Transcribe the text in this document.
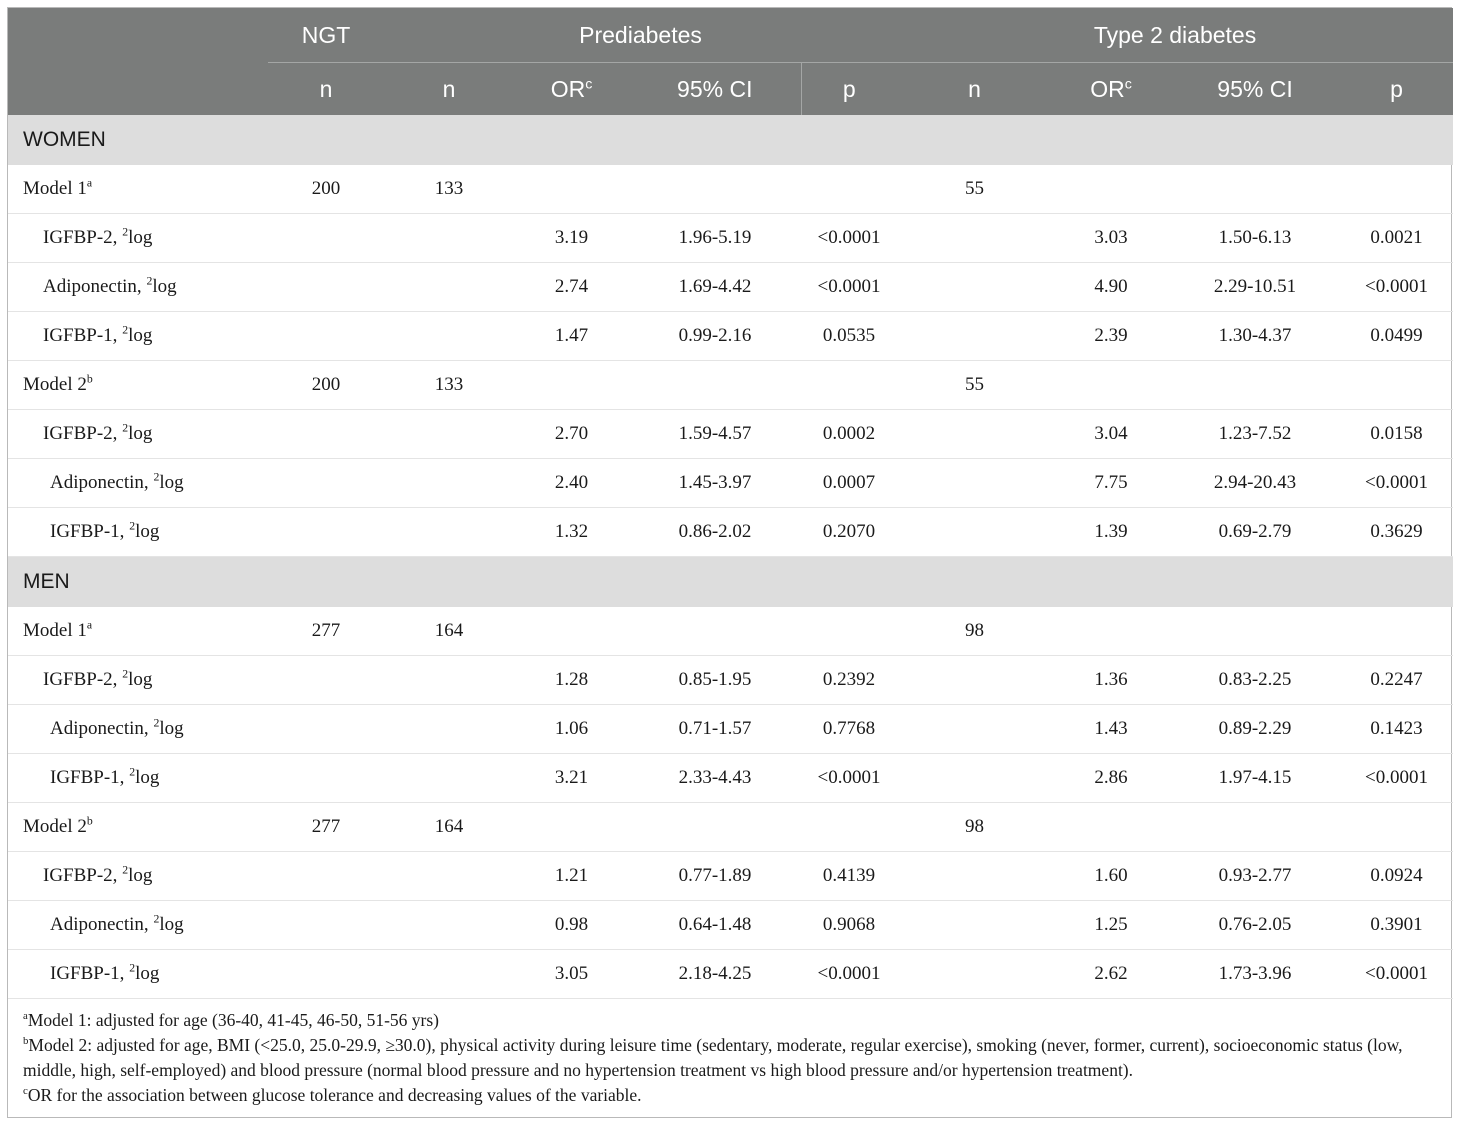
	NGT	Prediabetes				Type 2 diabetes			

	n	n	$OR^c$	95% CI	p	n	$OR^c$	95% CI	p
WOMEN									
Model 1$^a$	200	133				55			
IGFBP-2, $^2$log			3.19	1.96-5.19	<0.0001		3.03	1.50-6.13	0.0021
Adiponectin, $^2$log			2.74	1.69-4.42	<0.0001		4.90	2.29-10.51	<0.0001
IGFBP-1, $^2$log			1.47	0.99-2.16	0.0535		2.39	1.30-4.37	0.0499
Model 2$^b$	200	133				55			
IGFBP-2, $^2$log			2.70	1.59-4.57	0.0002		3.04	1.23-7.52	0.0158
Adiponectin, $^2$log			2.40	1.45-3.97	0.0007		7.75	2.94-20.43	<0.0001
IGFBP-1, $^2$log			1.32	0.86-2.02	0.2070		1.39	0.69-2.79	0.3629
MEN									
Model 1$^a$	277	164				98			
IGFBP-2, $^2$log			1.28	0.85-1.95	0.2392		1.36	0.83-2.25	0.2247
Adiponectin, $^2$log			1.06	0.71-1.57	0.7768		1.43	0.89-2.29	0.1423
IGFBP-1, $^2$log			3.21	2.33-4.43	<0.0001		2.86	1.97-4.15	<0.0001
Model 2$^b$	277	164				98			
IGFBP-2, $^2$log			1.21	0.77-1.89	0.4139		1.60	0.93-2.77	0.0924
Adiponectin, $^2$log			0.98	0.64-1.48	0.9068		1.25	0.76-2.05	0.3901
IGFBP-1, $^2$log			3.05	2.18-4.25	<0.0001		2.62	1.73-3.96	<0.0001

$^a$Model 1: adjusted for age (36-40, 41-45, 46-50, 51-56 yrs)

$^b$Model 2: adjusted for age, BMI (<25.0, 25.0-29.9, ≥30.0), physical activity during leisure time (sedentary, moderate, regular exercise), smoking (never, former, current), socioeconomic status (low, middle, high, self-employed) and blood pressure (normal blood pressure and no hypertension treatment vs high blood pressure and/or hypertension treatment).

$^c$OR for the association between glucose tolerance and decreasing values of the variable.
